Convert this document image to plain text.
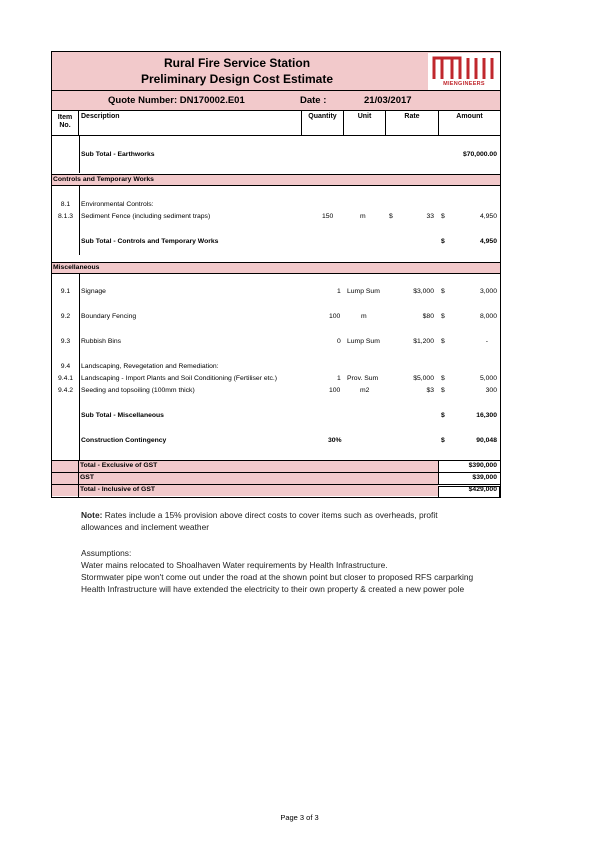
Rural Fire Service Station
Preliminary Design Cost Estimate	MIENGINEERS
Quote Number: DN170002.E01	Date :	21/03/2017
Item No.
Description	Quantity	Unit	Rate	Amount
Sub Total - Earthworks	$70,000.00
Controls and Temporary Works
8.1	Environmental Controls:
8.1.3	Sediment Fence (including sediment traps)	150	m	$	33 $	4,950
Sub Total - Controls and Temporary Works	$	4,950
Miscellaneous
9.1	Signage	1 Lump Sum	$3,000 $	3,000
9.2	Boundary Fencing	100	m	$80 $	8,000
9.3	Rubbish Bins	0 Lump Sum	$1,200 $	-
9.4	Landscaping, Revegetation and Remediation:
9.4.1	Landscaping - Import Plants and Soil Conditioning (Fertiliser etc.)	1 Prov. Sum	$5,000 $	5,000
9.4.2	Seeding and topsoiling (100mm thick)	100	m2	$3 $	300
Sub Total - Miscellaneous	$	16,300
Construction Contingency	30%	$	90,048
Total - Exclusive of GST	$390,000
GST	$39,000
Total - Inclusive of GST	$429,000
Note: Rates include a 15% provision above direct costs to cover items such as overheads, profit
allowances and inclement weather
Assumptions:
Water mains relocated to Shoalhaven Water requirements by Health Infrastructure.
Stormwater pipe won't come out under the road at the shown point but closer to proposed RFS carparking
Health Infrastructure will have extended the electricity to their own property & created a new power pole
Page 3 of 3
